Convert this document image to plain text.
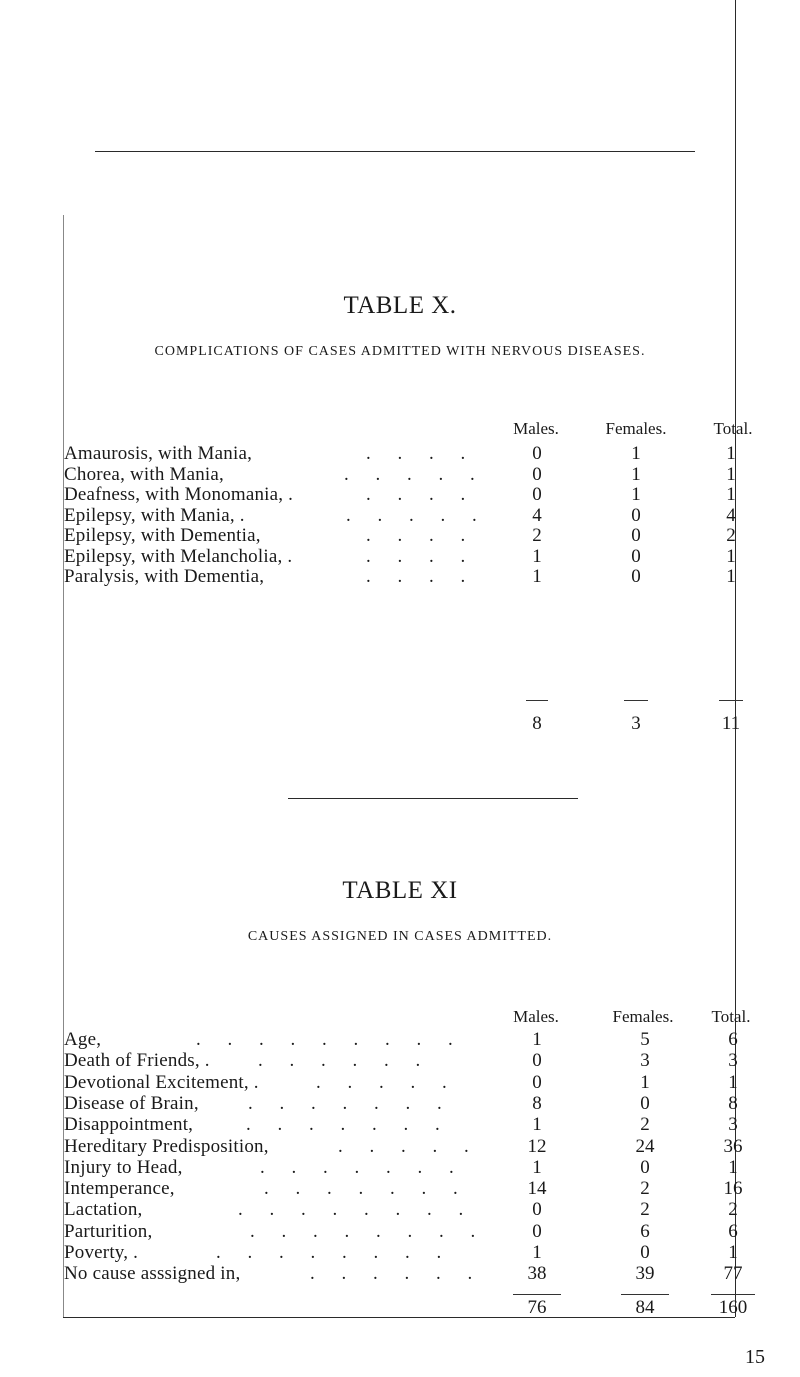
TABLE X.
COMPLICATIONS OF CASES ADMITTED WITH NERVOUS DISEASES.
Males.	Females.	Total.
Amaurosis, with Mania,	. . . .	0	1	1
Chorea, with Mania,	. . . . .	0	1	1
Deafness, with Monomania, .	. . . .	0	1	1
Epilepsy, with Mania, .	. . . . .	4	0	4
Epilepsy, with Dementia,	. . . .	2	0	2
Epilepsy, with Melancholia, .	. . . .	1	0	1
Paralysis, with Dementia,	. . . .	1	0	1
8	3	11
TABLE XI
CAUSES ASSIGNED IN CASES ADMITTED.
Males.	Females.	Total.
Age,	. . . . . . . . .	1	5	6
Death of Friends, .	. . . . . .	0	3	3
Devotional Excitement, .	. . . . .	0	1	1
Disease of Brain,	. . . . . . .	8	0	8
Disappointment,	. . . . . . .	1	2	3
Hereditary Predisposition,	. . . . .	12	24	36
Injury to Head,	. . . . . . .	1	0	1
Intemperance,	. . . . . . .	14	2	16
Lactation,	. . . . . . . .	0	2	2
Parturition,	. . . . . . . .	0	6	6
Poverty, .	. . . . . . . .	1	0	1
No cause asssigned in,	. . . . . .	38	39	77
76	84	160
15
